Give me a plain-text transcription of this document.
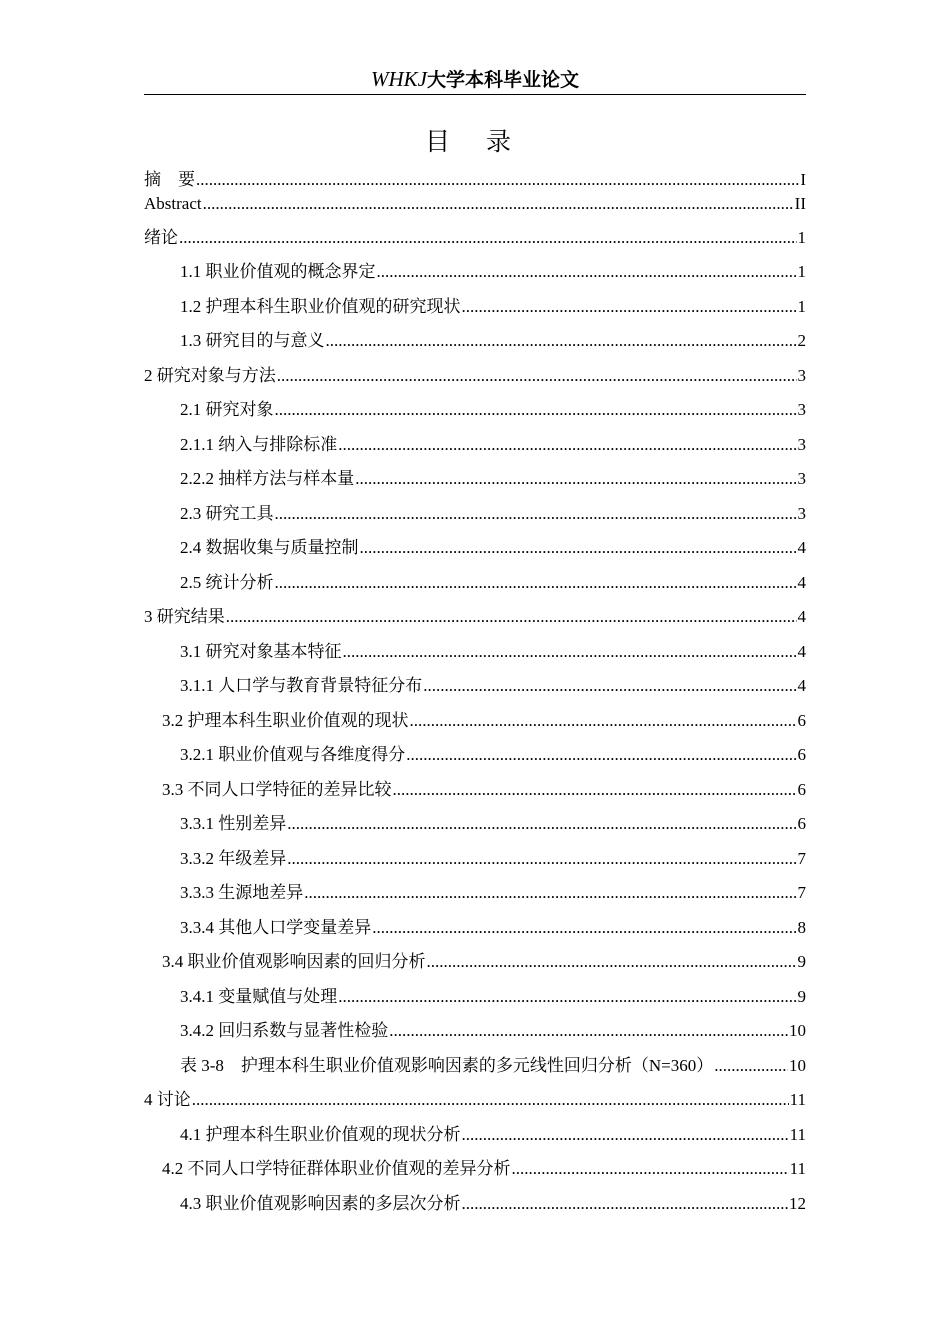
WHKJ大学本科毕业论文
目 录
摘　要 .....	I
Abstract .....	II
绪论 .....	1
1.1 职业价值观的概念界定 .....	1
1.2 护理本科生职业价值观的研究现状 .....	1
1.3 研究目的与意义 .....	2
2 研究对象与方法 .....	3
2.1 研究对象 .....	3
2.1.1 纳入与排除标准 .....	3
2.2.2 抽样方法与样本量 .....	3
2.3 研究工具 .....	3
2.4 数据收集与质量控制 .....	4
2.5 统计分析 .....	4
3 研究结果 .....	4
3.1 研究对象基本特征 .....	4
3.1.1 人口学与教育背景特征分布 .....	4
3.2 护理本科生职业价值观的现状 .....	6
3.2.1 职业价值观与各维度得分 .....	6
3.3 不同人口学特征的差异比较 .....	6
3.3.1 性别差异 .....	6
3.3.2 年级差异 .....	7
3.3.3 生源地差异 .....	7
3.3.4 其他人口学变量差异 .....	8
3.4 职业价值观影响因素的回归分析 .....	9
3.4.1 变量赋值与处理 .....	9
3.4.2 回归系数与显著性检验 .....	10
表 3-8　护理本科生职业价值观影响因素的多元线性回归分析（N=360） .....	10
4 讨论 .....	11
4.1 护理本科生职业价值观的现状分析 .....	11
4.2 不同人口学特征群体职业价值观的差异分析 .....	11
4.3 职业价值观影响因素的多层次分析 .....	12
